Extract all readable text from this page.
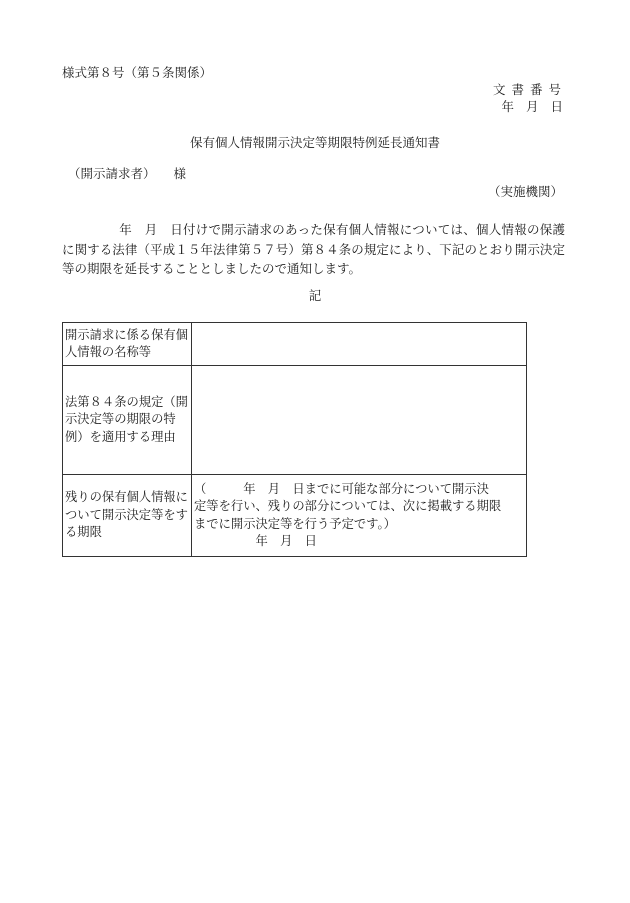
様式第８号（第５条関係）
文書番号
年 月 日
保有個人情報開示決定等期限特例延長通知書
（開示請求者） 様
（実施機関）
年　月　日付けで開示請求のあった保有個人情報については、個人情報の保護に関する法律（平成１５年法律第５７号）第８４条の規定により、下記のとおり開示決定等の期限を延長することとしましたので通知します。
記
開示請求に係る保有個人情報の名称等	
法第８４条の規定（開示決定等の期限の特例）を適用する理由	
残りの保有個人情報について開示決定等をする期限	（　　　年　月　日までに可能な部分について開示決
定等を行い、残りの部分については、次に掲載する期限
までに開示決定等を行う予定です。）
　　　　　年　月　日
